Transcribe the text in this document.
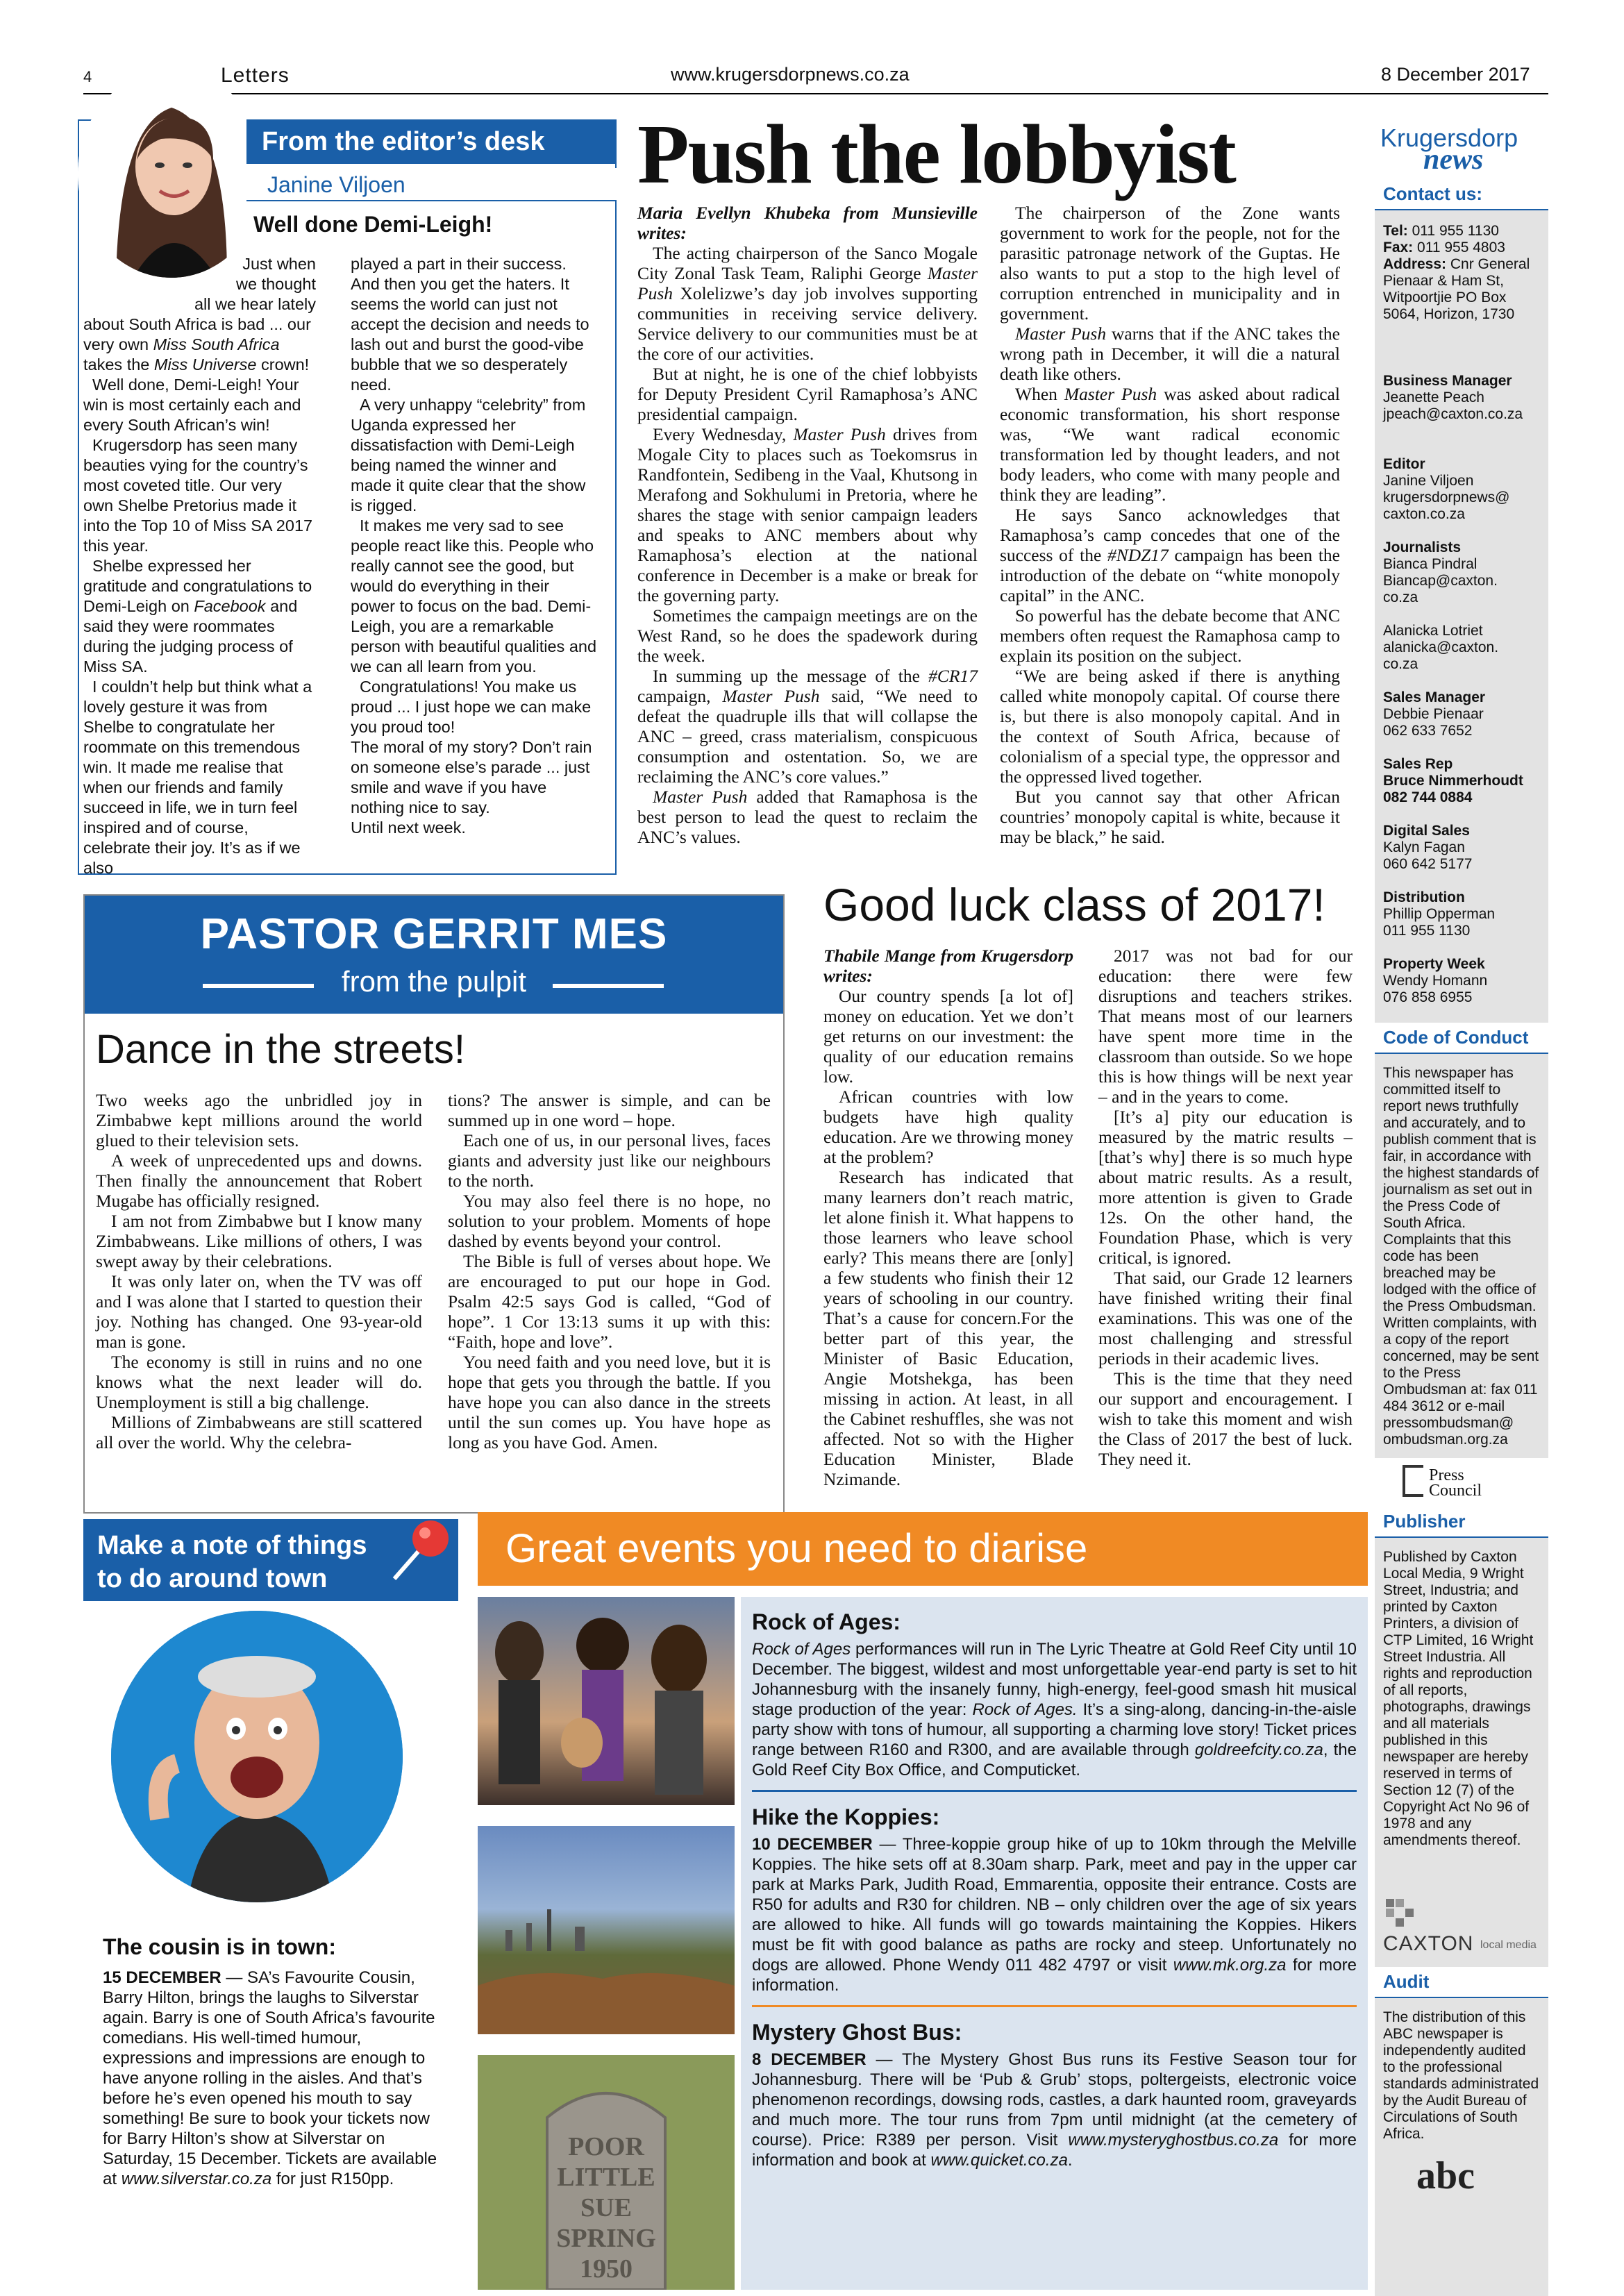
4	Letters	www.krugersdorpnews.co.za	8 December 2017
From the editor’s desk
Janine Viljoen
Well done Demi-Leigh!
Just when
we thought
all we hear lately
about South Africa is bad ... our very own Miss South Africa takes the Miss Universe crown!
Well done, Demi-Leigh! Your win is most certainly each and every South African’s win!
Krugersdorp has seen many beauties vying for the country’s most coveted title. Our very own Shelbe Pretorius made it into the Top 10 of Miss SA 2017 this year.
Shelbe expressed her gratitude and congratulations to Demi-Leigh on Facebook and said they were roommates during the judging process of Miss SA.
I couldn’t help but think what a lovely gesture it was from Shelbe to congratulate her roommate on this tremendous win. It made me realise that when our friends and family succeed in life, we in turn feel inspired and of course, celebrate their joy. It’s as if we also
played a part in their success. And then you get the haters. It seems the world can just not accept the decision and needs to lash out and burst the good-vibe bubble that we so desperately need.
A very unhappy “celebrity” from Uganda expressed her dissatisfaction with Demi-Leigh being named the winner and made it quite clear that the show is rigged.
It makes me very sad to see people react like this. People who really cannot see the good, but would do everything in their power to focus on the bad. Demi-Leigh, you are a remarkable person with beautiful qualities and we can all learn from you.
Congratulations! You make us proud ... I just hope we can make you proud too!
The moral of my story? Don’t rain on someone else’s parade ... just smile and wave if you have nothing nice to say.
Until next week.
Push the lobbyist

Maria Evellyn Khubeka from Munsieville writes:

The acting chairperson of the Sanco Mogale City Zonal Task Team, Raliphi George Master Push Xolelizwe’s day job involves supporting communities in receiving service delivery. Service delivery to our communities must be at the core of our activities.

But at night, he is one of the chief lobbyists for Deputy President Cyril Ramaphosa’s ANC presidential campaign.

Every Wednesday, Master Push drives from Mogale City to places such as Toekomsrus in Randfontein, Sedibeng in the Vaal, Khutsong in Merafong and Sokhulumi in Pretoria, where he shares the stage with senior campaign leaders and speaks to ANC members about why Ramaphosa’s election at the national conference in December is a make or break for the governing party.

Sometimes the campaign meetings are on the West Rand, so he does the spadework during the week.

In summing up the message of the #CR17 campaign, Master Push said, “We need to defeat the quadruple ills that will collapse the ANC – greed, crass materialism, conspicuous consumption and ostentation. So, we are reclaiming the ANC’s core values.”

Master Push added that Ramaphosa is the best person to lead the quest to reclaim the ANC’s values.

The chairperson of the Zone wants government to work for the people, not for the parasitic patronage network of the Guptas. He also wants to put a stop to the high level of corruption entrenched in municipality and in government.

Master Push warns that if the ANC takes the wrong path in December, it will die a natural death like others.

When Master Push was asked about radical economic transformation, his short response was, “We want radical economic transformation led by thought leaders, and not body leaders, who come with many people and think they are leading”.

He says Sanco acknowledges that Ramaphosa’s camp concedes that one of the success of the #NDZ17 campaign has been the introduction of the debate on “white monopoly capital” in the ANC.

So powerful has the debate become that ANC members often request the Ramaphosa camp to explain its position on the subject.

“We are being asked if there is anything called white monopoly capital. Of course there is, but there is also monopoly capital. And in the context of South Africa, because of colonialism of a special type, the oppressor and the oppressed lived together.

But you cannot say that other African countries’ monopoly capital is white, because it may be black,” he said.

PASTOR GERRIT MES
from the pulpit
Dance in the streets!

Two weeks ago the unbridled joy in Zimbabwe kept millions around the world glued to their television sets.

A week of unprecedented ups and downs. Then finally the announcement that Robert Mugabe has officially resigned.

I am not from Zimbabwe but I know many Zimbabweans. Like millions of others, I was swept away by their celebrations.

It was only later on, when the TV was off and I was alone that I started to question their joy. Nothing has changed. One 93-year-old man is gone.

The economy is still in ruins and no one knows what the next leader will do. Unemployment is still a big challenge.

Millions of Zimbabweans are still scattered all over the world. Why the celebra-

tions? The answer is simple, and can be summed up in one word – hope.

Each one of us, in our personal lives, faces giants and adversity just like our neighbours to the north.

You may also feel there is no hope, no solution to your problem. Moments of hope dashed by events beyond your control.

The Bible is full of verses about hope. We are encouraged to put our hope in God. Psalm 42:5 says God is called, “God of hope”. 1 Cor 13:13 sums it up with this: “Faith, hope and love”.

You need faith and you need love, but it is hope that gets you through the battle. If you have hope you can also dance in the streets until the sun comes up. You have hope as long as you have God. Amen.

Good luck class of 2017!

Thabile Mange from Krugersdorp writes:

Our country spends [a lot of] money on education. Yet we don’t get returns on our investment: the quality of our education remains low.

African countries with low budgets have high quality education. Are we throwing money at the problem?

Research has indicated that many learners don’t reach matric, let alone finish it. What happens to those learners who leave school early? This means there are [only] a few students who finish their 12 years of schooling in our country. That’s a cause for concern.For the better part of this year, the Minister of Basic Education, Angie Motshekga, has been missing in action. At least, in all the Cabinet reshuffles, she was not affected. Not so with the Higher Education Minister, Blade Nzimande.

2017 was not bad for our education: there were few disruptions and teachers strikes. That means most of our learners have spent more time in the classroom than outside. So we hope this is how things will be next year – and in the years to come.

[It’s a] pity our education is measured by the matric results – [that’s why] there is so much hype about matric results. As a result, more attention is given to Grade 12s. On the other hand, the Foundation Phase, which is very critical, is ignored.

That said, our Grade 12 learners have finished writing their final examinations. This was one of the most challenging and stressful periods in their academic lives.

This is the time that they need our support and encouragement. I wish to take this moment and wish the Class of 2017 the best of luck. They need it.

Make a note of things
to do around town
The cousin is in town:
15 DECEMBER — SA’s Favourite Cousin, Barry Hilton, brings the laughs to Silverstar again. Barry is one of South Africa’s favourite comedians. His well-timed humour, expressions and impressions are enough to have anyone rolling in the aisles. And that’s before he’s even opened his mouth to say something! Be sure to book your tickets now for Barry Hilton’s show at Silverstar on Saturday, 15 December. Tickets are available at www.silverstar.co.za for just R150pp.
Great events you need to diarise
POOR LITTLE SUE SPRING 1950
Rock of Ages:
Rock of Ages performances will run in The Lyric Theatre at Gold Reef City until 10 December. The biggest, wildest and most unforgettable year-end party is set to hit Johannesburg with the insanely funny, high-energy, feel-good smash hit musical stage production of the year: Rock of Ages. It’s a sing-along, dancing-in-the-aisle party show with tons of humour, all supporting a charming love story! Ticket prices range between R160 and R300, and are available through goldreefcity.co.za, the Gold Reef City Box Office, and Computicket.
Hike the Koppies:
10 DECEMBER — Three-koppie group hike of up to 10km through the Melville Koppies. The hike sets off at 8.30am sharp. Park, meet and pay in the upper car park at Marks Park, Judith Road, Emmarentia, opposite their entrance. Costs are R50 for adults and R30 for children. NB – only children over the age of six years are allowed to hike. All funds will go towards maintaining the Koppies. Hikers must be fit with good balance as paths are rocky and steep. Unfortunately no dogs are allowed. Phone Wendy 011 482 4797 or visit www.mk.org.za for more information.
Mystery Ghost Bus:
8 DECEMBER — The Mystery Ghost Bus runs its Festive Season tour for Johannesburg. There will be ‘Pub & Grub’ stops, poltergeists, electronic voice phenomenon recordings, dowsing rods, castles, a dark haunted room, graveyards and much more. The tour runs from 7pm until midnight (at the cemetery of course). Price: R389 per person. Visit www.mysteryghostbus.co.za for more information and book at www.quicket.co.za.
Krugersdorp
news
Contact us:
Tel: 011 955 1130
Fax: 011 955 4803
Address: Cnr General Pienaar & Ham St, Witpoortjie PO Box 5064, Horizon, 1730

Business Manager
Jeanette Peach
jpeach@caxton.co.za

Editor
Janine Viljoen
krugersdorpnews@
caxton.co.za

Journalists
Bianca Pindral
Biancap@caxton.
co.za

Alanicka Lotriet
alanicka@caxton.
co.za

Sales Manager
Debbie Pienaar
062 633 7652

Sales Rep
Bruce Nimmerhoudt
082 744 0884

Digital Sales
Kalyn Fagan
060 642 5177

Distribution
Phillip Opperman
011 955 1130

Property Week
Wendy Homann
076 858 6955
Code of Conduct
This newspaper has committed itself to report news truthfully and accurately, and to publish comment that is fair, in accordance with the highest standards of journalism as set out in the Press Code of South Africa. Complaints that this code has been breached may be lodged with the office of the Press Ombudsman. Written complaints, with a copy of the report concerned, may be sent to the Press Ombudsman at: fax 011 484 3612 or e-mail pressombudsman@ ombudsman.org.za
Press Council
Publisher
Published by Caxton Local Media, 9 Wright Street, Industria; and printed by Caxton Printers, a division of CTP Limited, 16 Wright Street Industria. All rights and reproduction of all reports, photographs, drawings and all materials published in this newspaper are hereby reserved in terms of Section 12 (7) of the Copyright Act No 96 of 1978 and any amendments thereof.
CAXTON local media
Audit
The distribution of this ABC newspaper is independently audited to the professional standards administrated by the Audit Bureau of Circulations of South Africa.
abc
